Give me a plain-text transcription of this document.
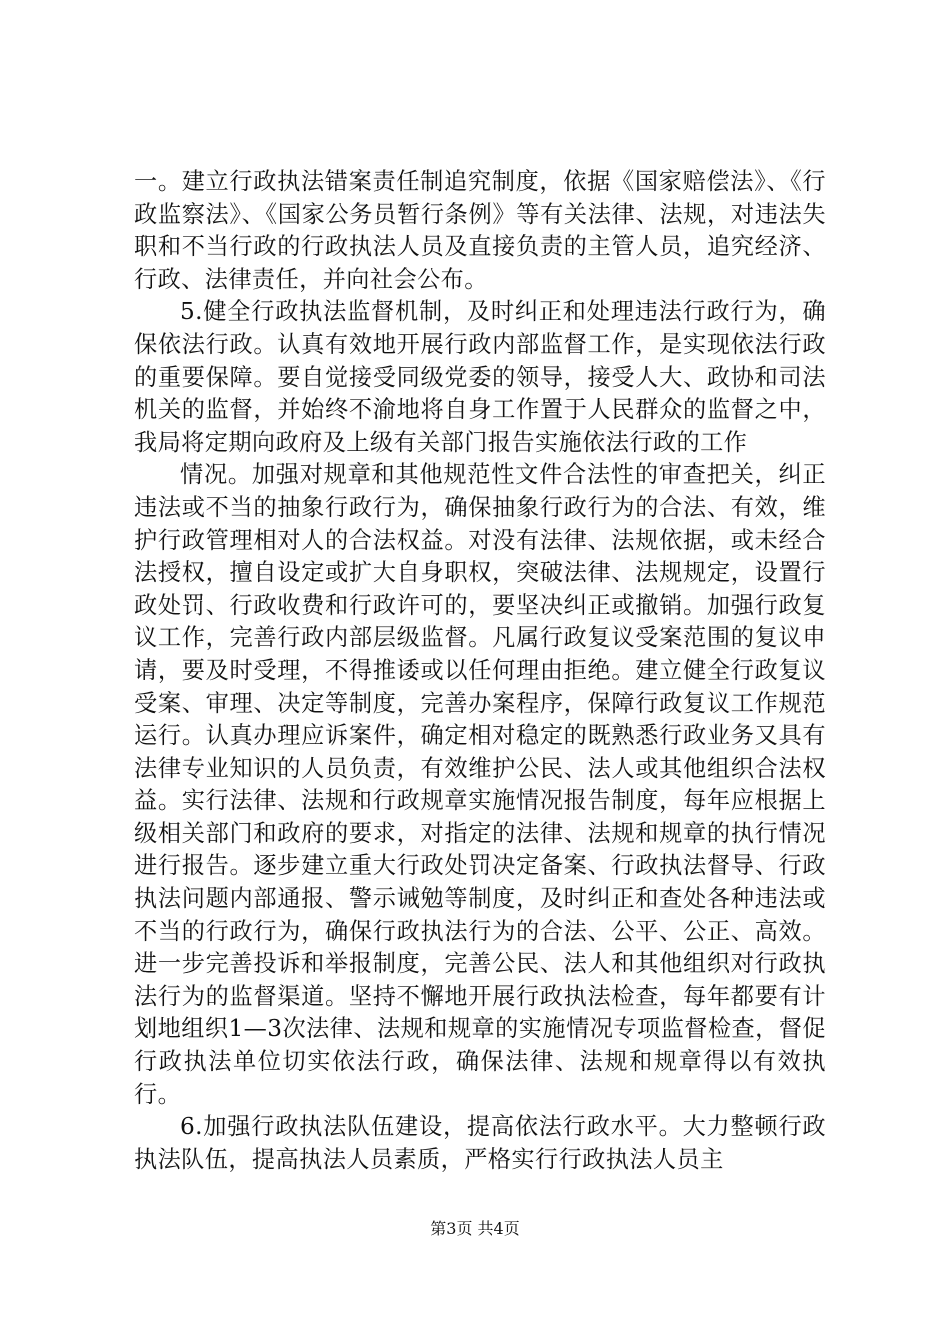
一。建立行政执法错案责任制追究制度，依据《国家赔偿法》、《行政监察法》、《国家公务员暂行条例》等有关法律、法规，对违法失职和不当行政的行政执法人员及直接负责的主管人员，追究经济、行政、法律责任，并向社会公布。

5.健全行政执法监督机制，及时纠正和处理违法行政行为，确保依法行政。认真有效地开展行政内部监督工作，是实现依法行政的重要保障。要自觉接受同级党委的领导，接受人大、政协和司法机关的监督，并始终不渝地将自身工作置于人民群众的监督之中，我局将定期向政府及上级有关部门报告实施依法行政的工作

情况。加强对规章和其他规范性文件合法性的审查把关，纠正违法或不当的抽象行政行为，确保抽象行政行为的合法、有效，维护行政管理相对人的合法权益。对没有法律、法规依据，或未经合法授权，擅自设定或扩大自身职权，突破法律、法规规定，设置行政处罚、行政收费和行政许可的，要坚决纠正或撤销。加强行政复议工作，完善行政内部层级监督。凡属行政复议受案范围的复议申请，要及时受理，不得推诿或以任何理由拒绝。建立健全行政复议受案、审理、决定等制度，完善办案程序，保障行政复议工作规范运行。认真办理应诉案件，确定相对稳定的既熟悉行政业务又具有法律专业知识的人员负责，有效维护公民、法人或其他组织合法权益。实行法律、法规和行政规章实施情况报告制度，每年应根据上级相关部门和政府的要求，对指定的法律、法规和规章的执行情况进行报告。逐步建立重大行政处罚决定备案、行政执法督导、行政执法问题内部通报、警示诫勉等制度，及时纠正和查处各种违法或不当的行政行为，确保行政执法行为的合法、公平、公正、高效。进一步完善投诉和举报制度，完善公民、法人和其他组织对行政执法行为的监督渠道。坚持不懈地开展行政执法检查，每年都要有计划地组织1—3次法律、法规和规章的实施情况专项监督检查，督促行政执法单位切实依法行政，确保法律、法规和规章得以有效执行。

6.加强行政执法队伍建设，提高依法行政水平。大力整顿行政执法队伍，提高执法人员素质，严格实行行政执法人员主

第3页 共4页
